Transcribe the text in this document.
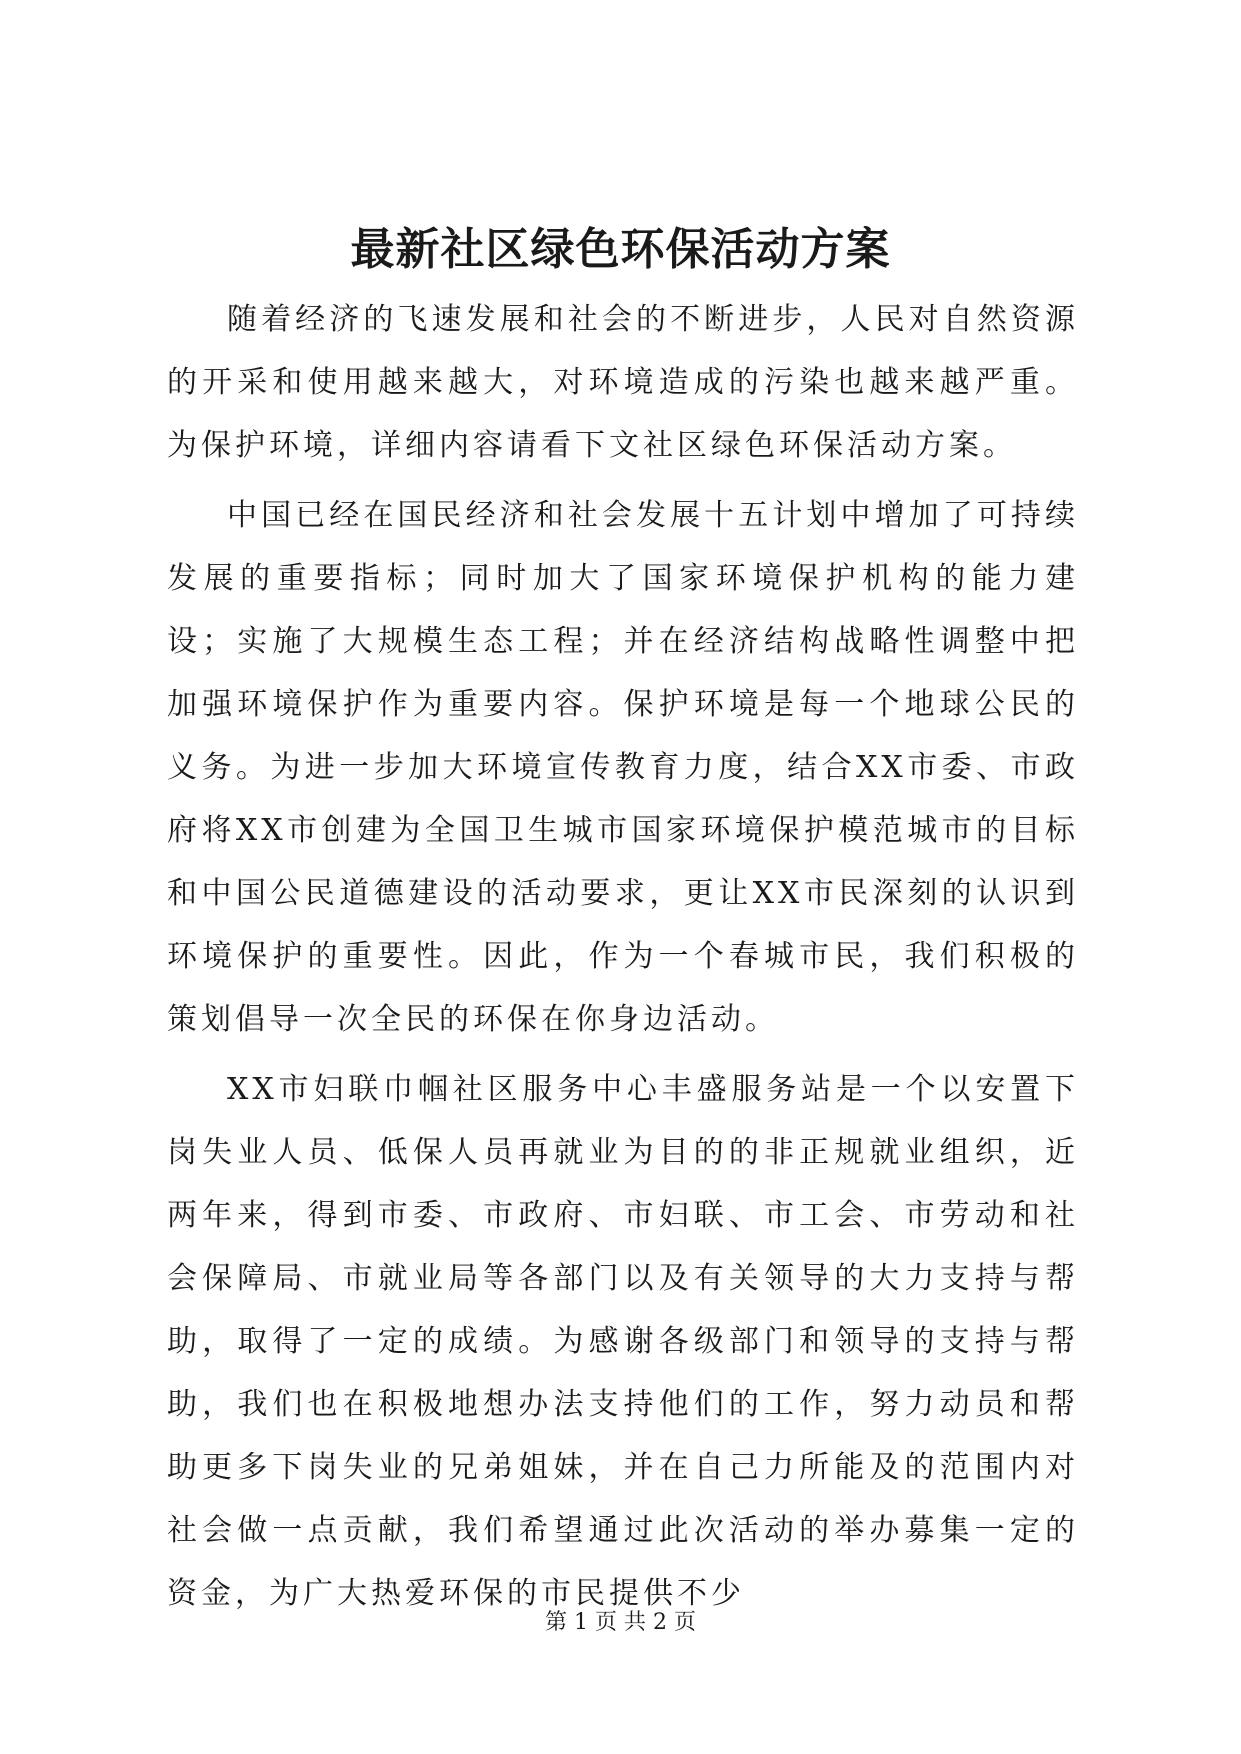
最新社区绿色环保活动方案

随着经济的飞速发展和社会的不断进步，人民对自然资源的开采和使用越来越大，对环境造成的污染也越来越严重。为保护环境，详细内容请看下文社区绿色环保活动方案。

中国已经在国民经济和社会发展十五计划中增加了可持续发展的重要指标；同时加大了国家环境保护机构的能力建设；实施了大规模生态工程；并在经济结构战略性调整中把加强环境保护作为重要内容。保护环境是每一个地球公民的义务。为进一步加大环境宣传教育力度，结合XX市委、市政府将XX市创建为全国卫生城市国家环境保护模范城市的目标和中国公民道德建设的活动要求，更让XX市民深刻的认识到环境保护的重要性。因此，作为一个春城市民，我们积极的策划倡导一次全民的环保在你身边活动。

XX市妇联巾帼社区服务中心丰盛服务站是一个以安置下岗失业人员、低保人员再就业为目的的非正规就业组织，近两年来，得到市委、市政府、市妇联、市工会、市劳动和社会保障局、市就业局等各部门以及有关领导的大力支持与帮助，取得了一定的成绩。为感谢各级部门和领导的支持与帮助，我们也在积极地想办法支持他们的工作，努力动员和帮助更多下岗失业的兄弟姐妹，并在自己力所能及的范围内对社会做一点贡献，我们希望通过此次活动的举办募集一定的资金，为广大热爱环保的市民提供不少

第 1 页 共 2 页
